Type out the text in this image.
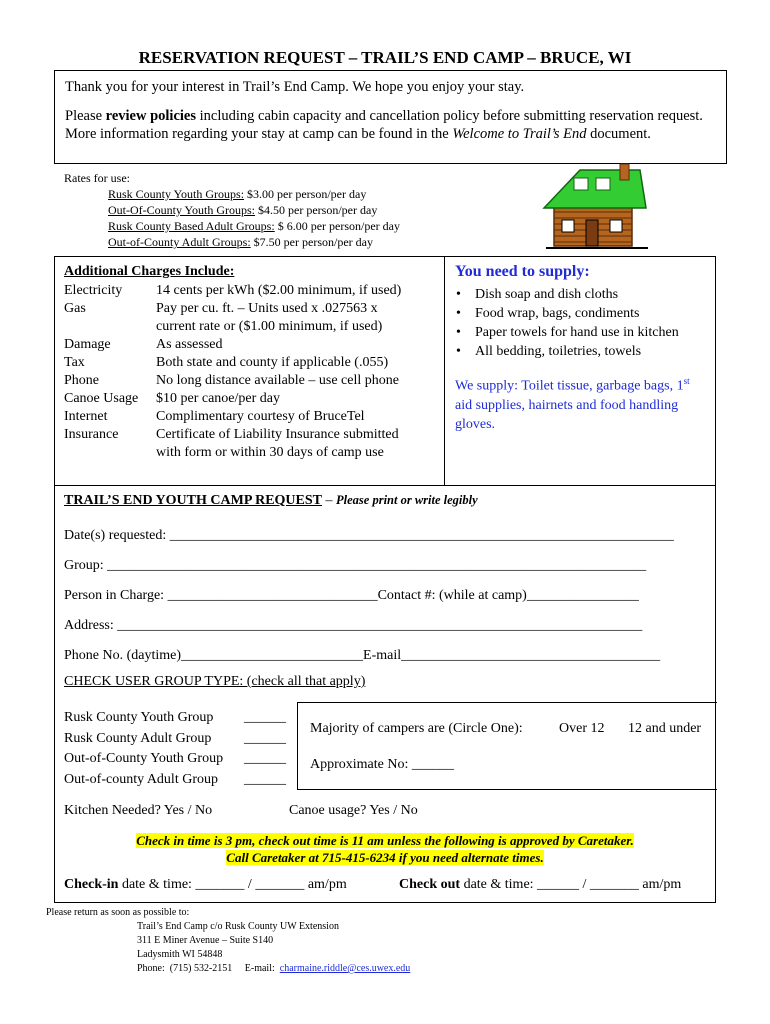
RESERVATION REQUEST – TRAIL’S END CAMP – BRUCE, WI
Thank you for your interest in Trail’s End Camp. We hope you enjoy your stay.
Please review policies including cabin capacity and cancellation policy before submitting reservation request. More information regarding your stay at camp can be found in the Welcome to Trail’s End document.
Rates for use:
Rusk County Youth Groups: $3.00 per person/per day
Out-Of-County Youth Groups: $4.50 per person/per day
Rusk County Based Adult Groups: $ 6.00 per person/per day
Out-of-County Adult Groups: $7.50 per person/per day
Additional Charges Include:
Electricity 14 cents per kWh ($2.00 minimum, if used)
Gas	Pay per cu. ft. – Units used x .027563 x
current rate or ($1.00 minimum, if used)
Damage	As assessed
Tax	Both state and county if applicable (.055)
Phone	No long distance available – use cell phone
Canoe Usage $10 per canoe/per day
Internet	Complimentary courtesy of BruceTel
Insurance	Certificate of Liability Insurance submitted
with form or within 30 days of camp use
You need to supply:
• Dish soap and dish cloths
• Food wrap, bags, condiments
• Paper towels for hand use in kitchen
• All bedding, toiletries, towels
We supply: Toilet tissue, garbage bags, 1st aid supplies, hairnets and food handling gloves.
TRAIL’S END YOUTH CAMP REQUEST – Please print or write legibly
Date(s) requested: ________________________________________________________________________
Group: _____________________________________________________________________________
Person in Charge: ______________________________Contact #: (while at camp)________________
Address: ___________________________________________________________________________
Phone No. (daytime)__________________________E-mail_____________________________________
CHECK USER GROUP TYPE: (check all that apply)
Rusk County Youth Group ______
Rusk County Adult Group ______
Out-of-County Youth Group ______
Out-of-county Adult Group ______
Majority of campers are (Circle One):	Over 12 12 and under
Approximate No: ______
Kitchen Needed? Yes / No	Canoe usage? Yes / No
Check in time is 3 pm, check out time is 11 am unless the following is approved by Caretaker.
Call Caretaker at 715-415-6234 if you need alternate times.
Check-in date & time: _______ / _______ am/pm	Check out date & time: ______ / _______ am/pm
Please return as soon as possible to:
Trail’s End Camp c/o Rusk County UW Extension
311 E Miner Avenue – Suite S140
Ladysmith WI 54848
Phone:  (715) 532-2151     E-mail:  charmaine.riddle@ces.uwex.edu
